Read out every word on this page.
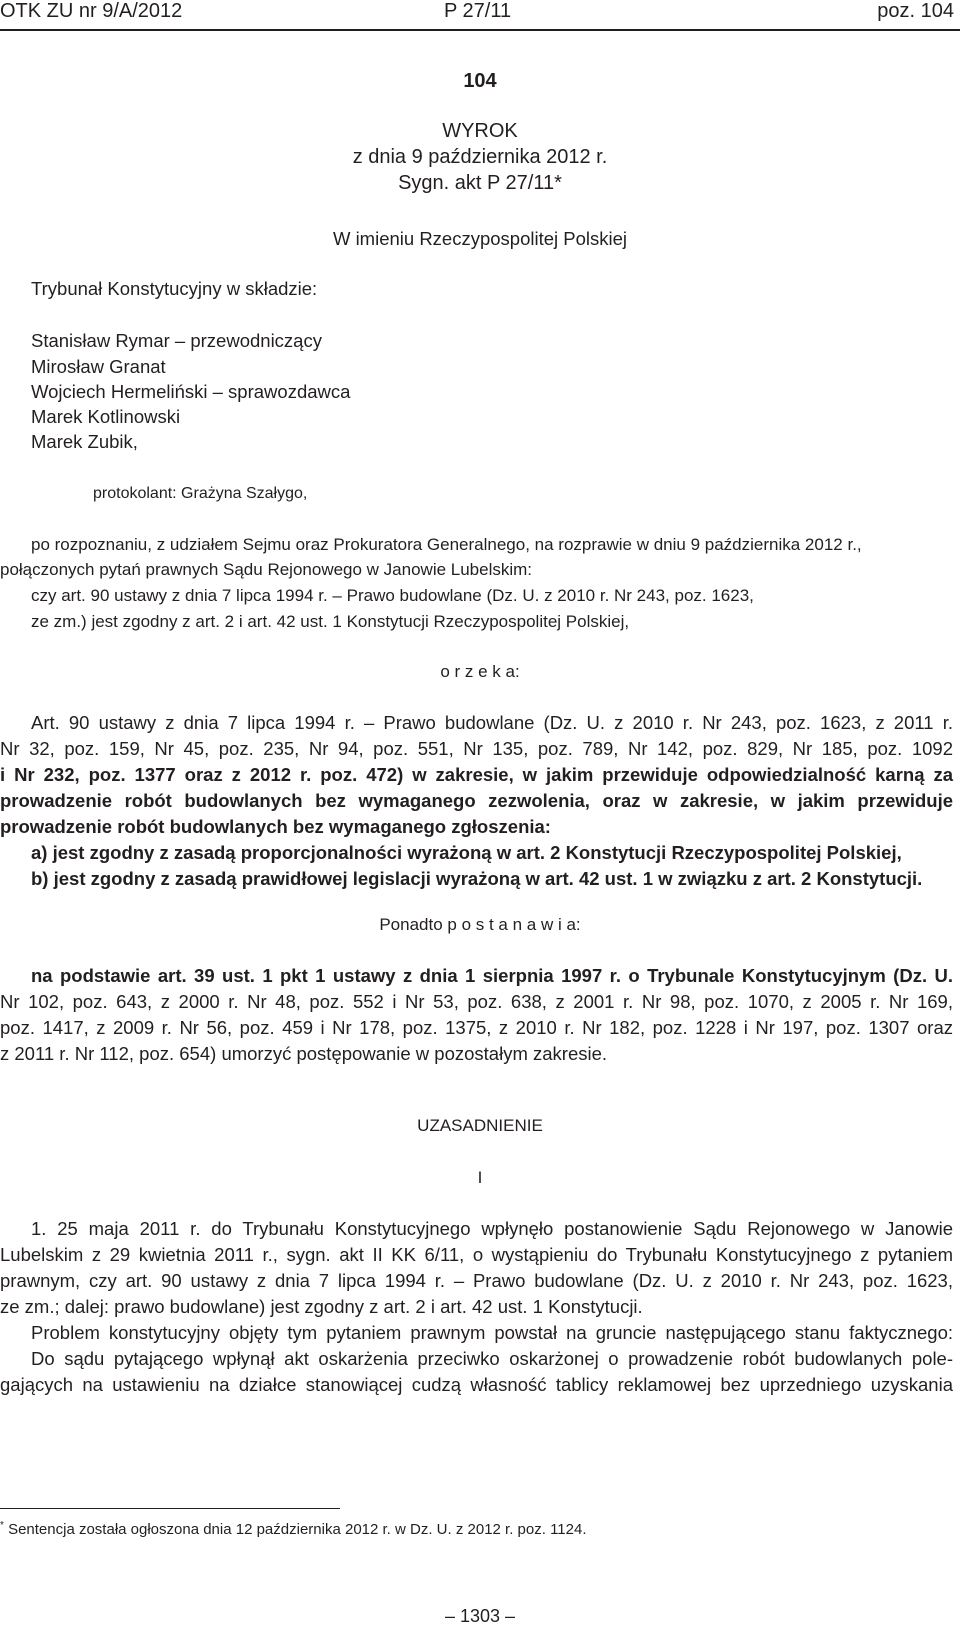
OTK ZU nr 9/A/2012	P 27/11	poz. 104
104
WYROK
z dnia 9 października 2012 r.
Sygn. akt P 27/11*
W imieniu Rzeczypospolitej Polskiej
Trybunał Konstytucyjny w składzie:
Stanisław Rymar – przewodniczący
Mirosław Granat
Wojciech Hermeliński – sprawozdawca
Marek Kotlinowski
Marek Zubik,
protokolant: Grażyna Szałygo,
po rozpoznaniu, z udziałem Sejmu oraz Prokuratora Generalnego, na rozprawie w dniu 9 października 2012 r.,
połączonych pytań prawnych Sądu Rejonowego w Janowie Lubelskim:
czy art. 90 ustawy z dnia 7 lipca 1994 r. – Prawo budowlane (Dz. U. z 2010 r. Nr 243, poz. 1623,
ze zm.) jest zgodny z art. 2 i art. 42 ust. 1 Konstytucji Rzeczypospolitej Polskiej,
o r z e k a:
Art. 90 ustawy z dnia 7 lipca 1994 r. – Prawo budowlane (Dz. U. z 2010 r. Nr 243, poz. 1623, z 2011 r.
Nr 32, poz. 159, Nr 45, poz. 235, Nr 94, poz. 551, Nr 135, poz. 789, Nr 142, poz. 829, Nr 185, poz. 1092
i Nr 232, poz. 1377 oraz z 2012 r. poz. 472) w zakresie, w jakim przewiduje odpowiedzialność karną za
prowadzenie robót budowlanych bez wymaganego zezwolenia, oraz w zakresie, w jakim przewiduje
prowadzenie robót budowlanych bez wymaganego zgłoszenia:
a) jest zgodny z zasadą proporcjonalności wyrażoną w art. 2 Konstytucji Rzeczypospolitej Polskiej,
b) jest zgodny z zasadą prawidłowej legislacji wyrażoną w art. 42 ust. 1 w związku z art. 2 Konstytucji.
Ponadto p o s t a n a w i a:
na podstawie art. 39 ust. 1 pkt 1 ustawy z dnia 1 sierpnia 1997 r. o Trybunale Konstytucyjnym (Dz. U.
Nr 102, poz. 643, z 2000 r. Nr 48, poz. 552 i Nr 53, poz. 638, z 2001 r. Nr 98, poz. 1070, z 2005 r. Nr 169,
poz. 1417, z 2009 r. Nr 56, poz. 459 i Nr 178, poz. 1375, z 2010 r. Nr 182, poz. 1228 i Nr 197, poz. 1307 oraz
z 2011 r. Nr 112, poz. 654) umorzyć postępowanie w pozostałym zakresie.
UZASADNIENIE
I
1. 25 maja 2011 r. do Trybunału Konstytucyjnego wpłynęło postanowienie Sądu Rejonowego w Janowie
Lubelskim z 29 kwietnia 2011 r., sygn. akt II KK 6/11, o wystąpieniu do Trybunału Konstytucyjnego z pytaniem
prawnym, czy art. 90 ustawy z dnia 7 lipca 1994 r. – Prawo budowlane (Dz. U. z 2010 r. Nr 243, poz. 1623,
ze zm.; dalej: prawo budowlane) jest zgodny z art. 2 i art. 42 ust. 1 Konstytucji.
Problem konstytucyjny objęty tym pytaniem prawnym powstał na gruncie następującego stanu faktycznego:
Do sądu pytającego wpłynął akt oskarżenia przeciwko oskarżonej o prowadzenie robót budowlanych pole-
gających na ustawieniu na działce stanowiącej cudzą własność tablicy reklamowej bez uprzedniego uzyskania
* Sentencja została ogłoszona dnia 12 października 2012 r. w Dz. U. z 2012 r. poz. 1124.
– 1303 –
